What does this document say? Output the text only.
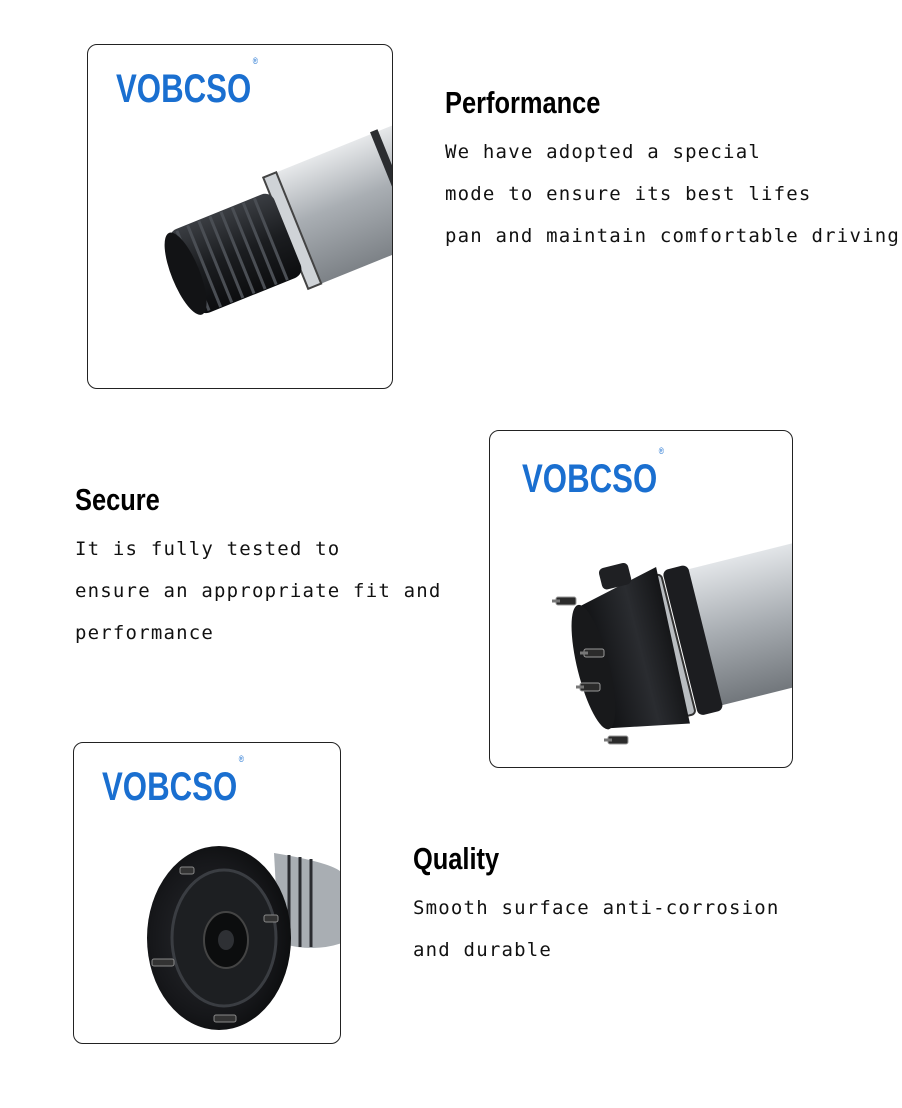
VOBCSO®
Performance
We have adopted a special
mode to ensure its best lifes
pan and maintain comfortable driving
Secure
It is fully tested to
ensure an appropriate fit and
performance
VOBCSO®
VOBCSO®
Quality
Smooth surface anti-corrosion
and durable
